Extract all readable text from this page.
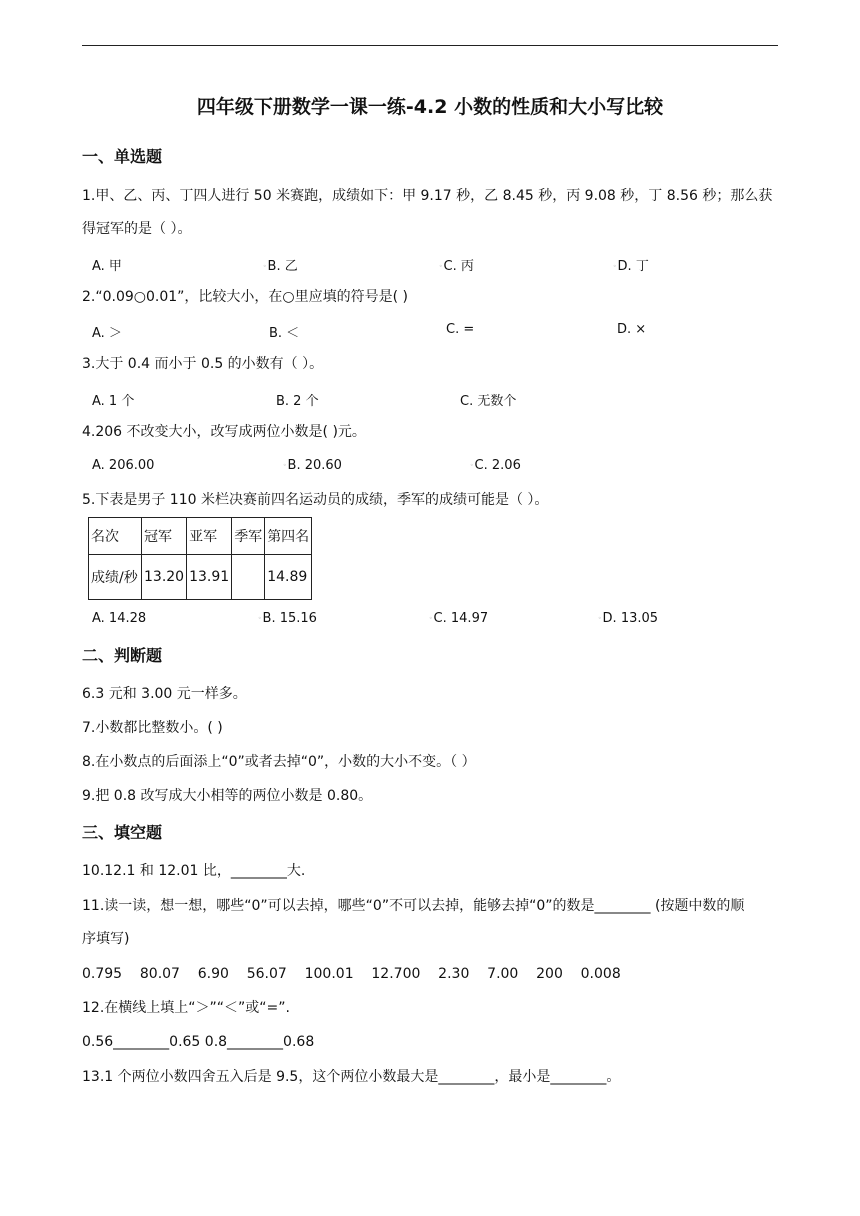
四年级下册数学一课一练-4.2 小数的性质和大小写比较
一、单选题
1.甲、乙、丙、丁四人进行 50 米赛跑，成绩如下：甲 9.17 秒，乙 8.45 秒，丙 9.08 秒，丁 8.56 秒；那么获
得冠军的是（ ）。
A. 甲	◦B. 乙	◦C. 丙	◦D. 丁
2.“0.09○0.01”，比较大小，在○里应填的符号是( )
A. ＞	B. ＜	C. =	D. ×
3.大于 0.4 而小于 0.5 的小数有（ ）。
A. 1 个	B. 2 个	C. 无数个
4.206 不改变大小，改写成两位小数是( )元。
A. 206.00	◦B. 20.60	◦C. 2.06
5.下表是男子 110 米栏决赛前四名运动员的成绩，季军的成绩可能是（ ）。
名次	冠军	亚军	季军	第四名
成绩/秒	13.20	13.91		14.89
A. 14.28	◦B. 15.16	◦C. 14.97	◦D. 13.05
二、判断题
6.3 元和 3.00 元一样多。
7.小数都比整数小。( )
8.在小数点的后面添上“0”或者去掉“0”，小数的大小不变。（ ）
9.把 0.8 改写成大小相等的两位小数是 0.80。
三、填空题
10.12.1 和 12.01 比，________大.
11.读一读，想一想，哪些“0”可以去掉，哪些“0”不可以去掉，能够去掉“0”的数是________ (按题中数的顺
序填写)
0.795    80.07    6.90    56.07    100.01    12.700    2.30    7.00    200    0.008
12.在横线上填上“＞”“＜”或“=”.
0.56________0.65 0.8________0.68
13.1 个两位小数四舍五入后是 9.5，这个两位小数最大是________，最小是________。
